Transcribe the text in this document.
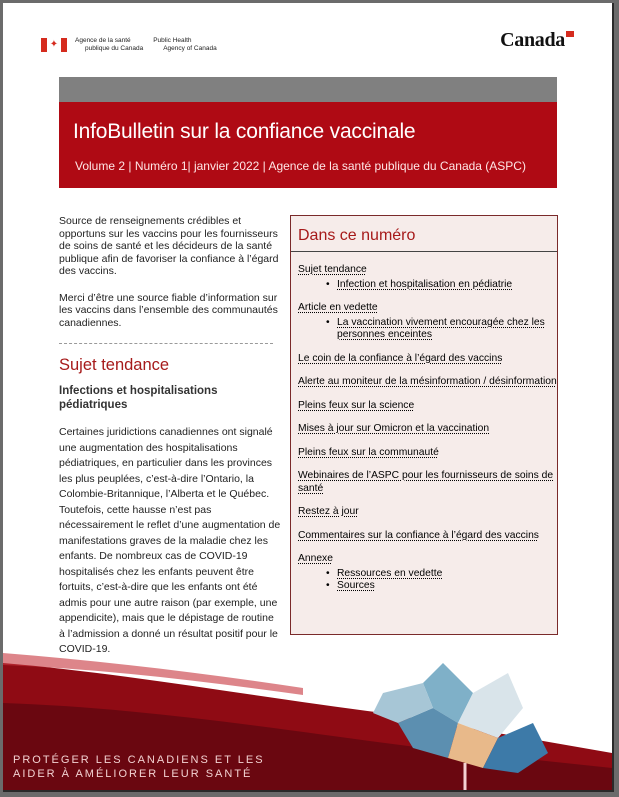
✦	Agence de la santé
publique du Canada
Public Health
Agency of Canada	Canada
InfoBulletin sur la confiance vaccinale
Volume 2 | Numéro 1| janvier 2022 | Agence de la santé publique du Canada (ASPC)

Source de renseignements crédibles et opportuns sur les vaccins pour les fournisseurs de soins de santé et les décideurs de la santé publique afin de favoriser la confiance à l’égard des vaccins.

Merci d’être une source fiable d’information sur les vaccins dans l’ensemble des communautés canadiennes.

Sujet tendance
Infections et hospitalisations pédiatriques

Certaines juridictions canadiennes ont signalé une augmentation des hospitalisations pédiatriques, en particulier dans les provinces les plus peuplées, c’est-à-dire l’Ontario, la Colombie-Britannique, l’Alberta et le Québec. Toutefois, cette hausse n’est pas nécessairement le reflet d’une augmentation de manifestations graves de la maladie chez les enfants. De nombreux cas de COVID-19 hospitalisés chez les enfants peuvent être fortuits, c’est-à-dire que les enfants ont été admis pour une autre raison (par exemple, une appendicite), mais que le dépistage de routine à l’admission a donné un résultat positif pour le COVID-19.

Dans ce numéro
Sujet tendance
• Infection et hospitalisation en pédiatrie
Article en vedette
• La vaccination vivement encouragée chez les personnes enceintes
Le coin de la confiance à l’égard des vaccins
Alerte au moniteur de la mésinformation / désinformation
Pleins feux sur la science
Mises à jour sur Omicron et la vaccination
Pleins feux sur la communauté
Webinaires de l’ASPC pour les fournisseurs de soins de santé
Restez à jour
Commentaires sur la confiance à l’égard des vaccins
Annexe
• Ressources en vedette
• Sources
PROTÉGER LES CANADIENS ET LES
AIDER À AMÉLIORER LEUR SANTÉ
